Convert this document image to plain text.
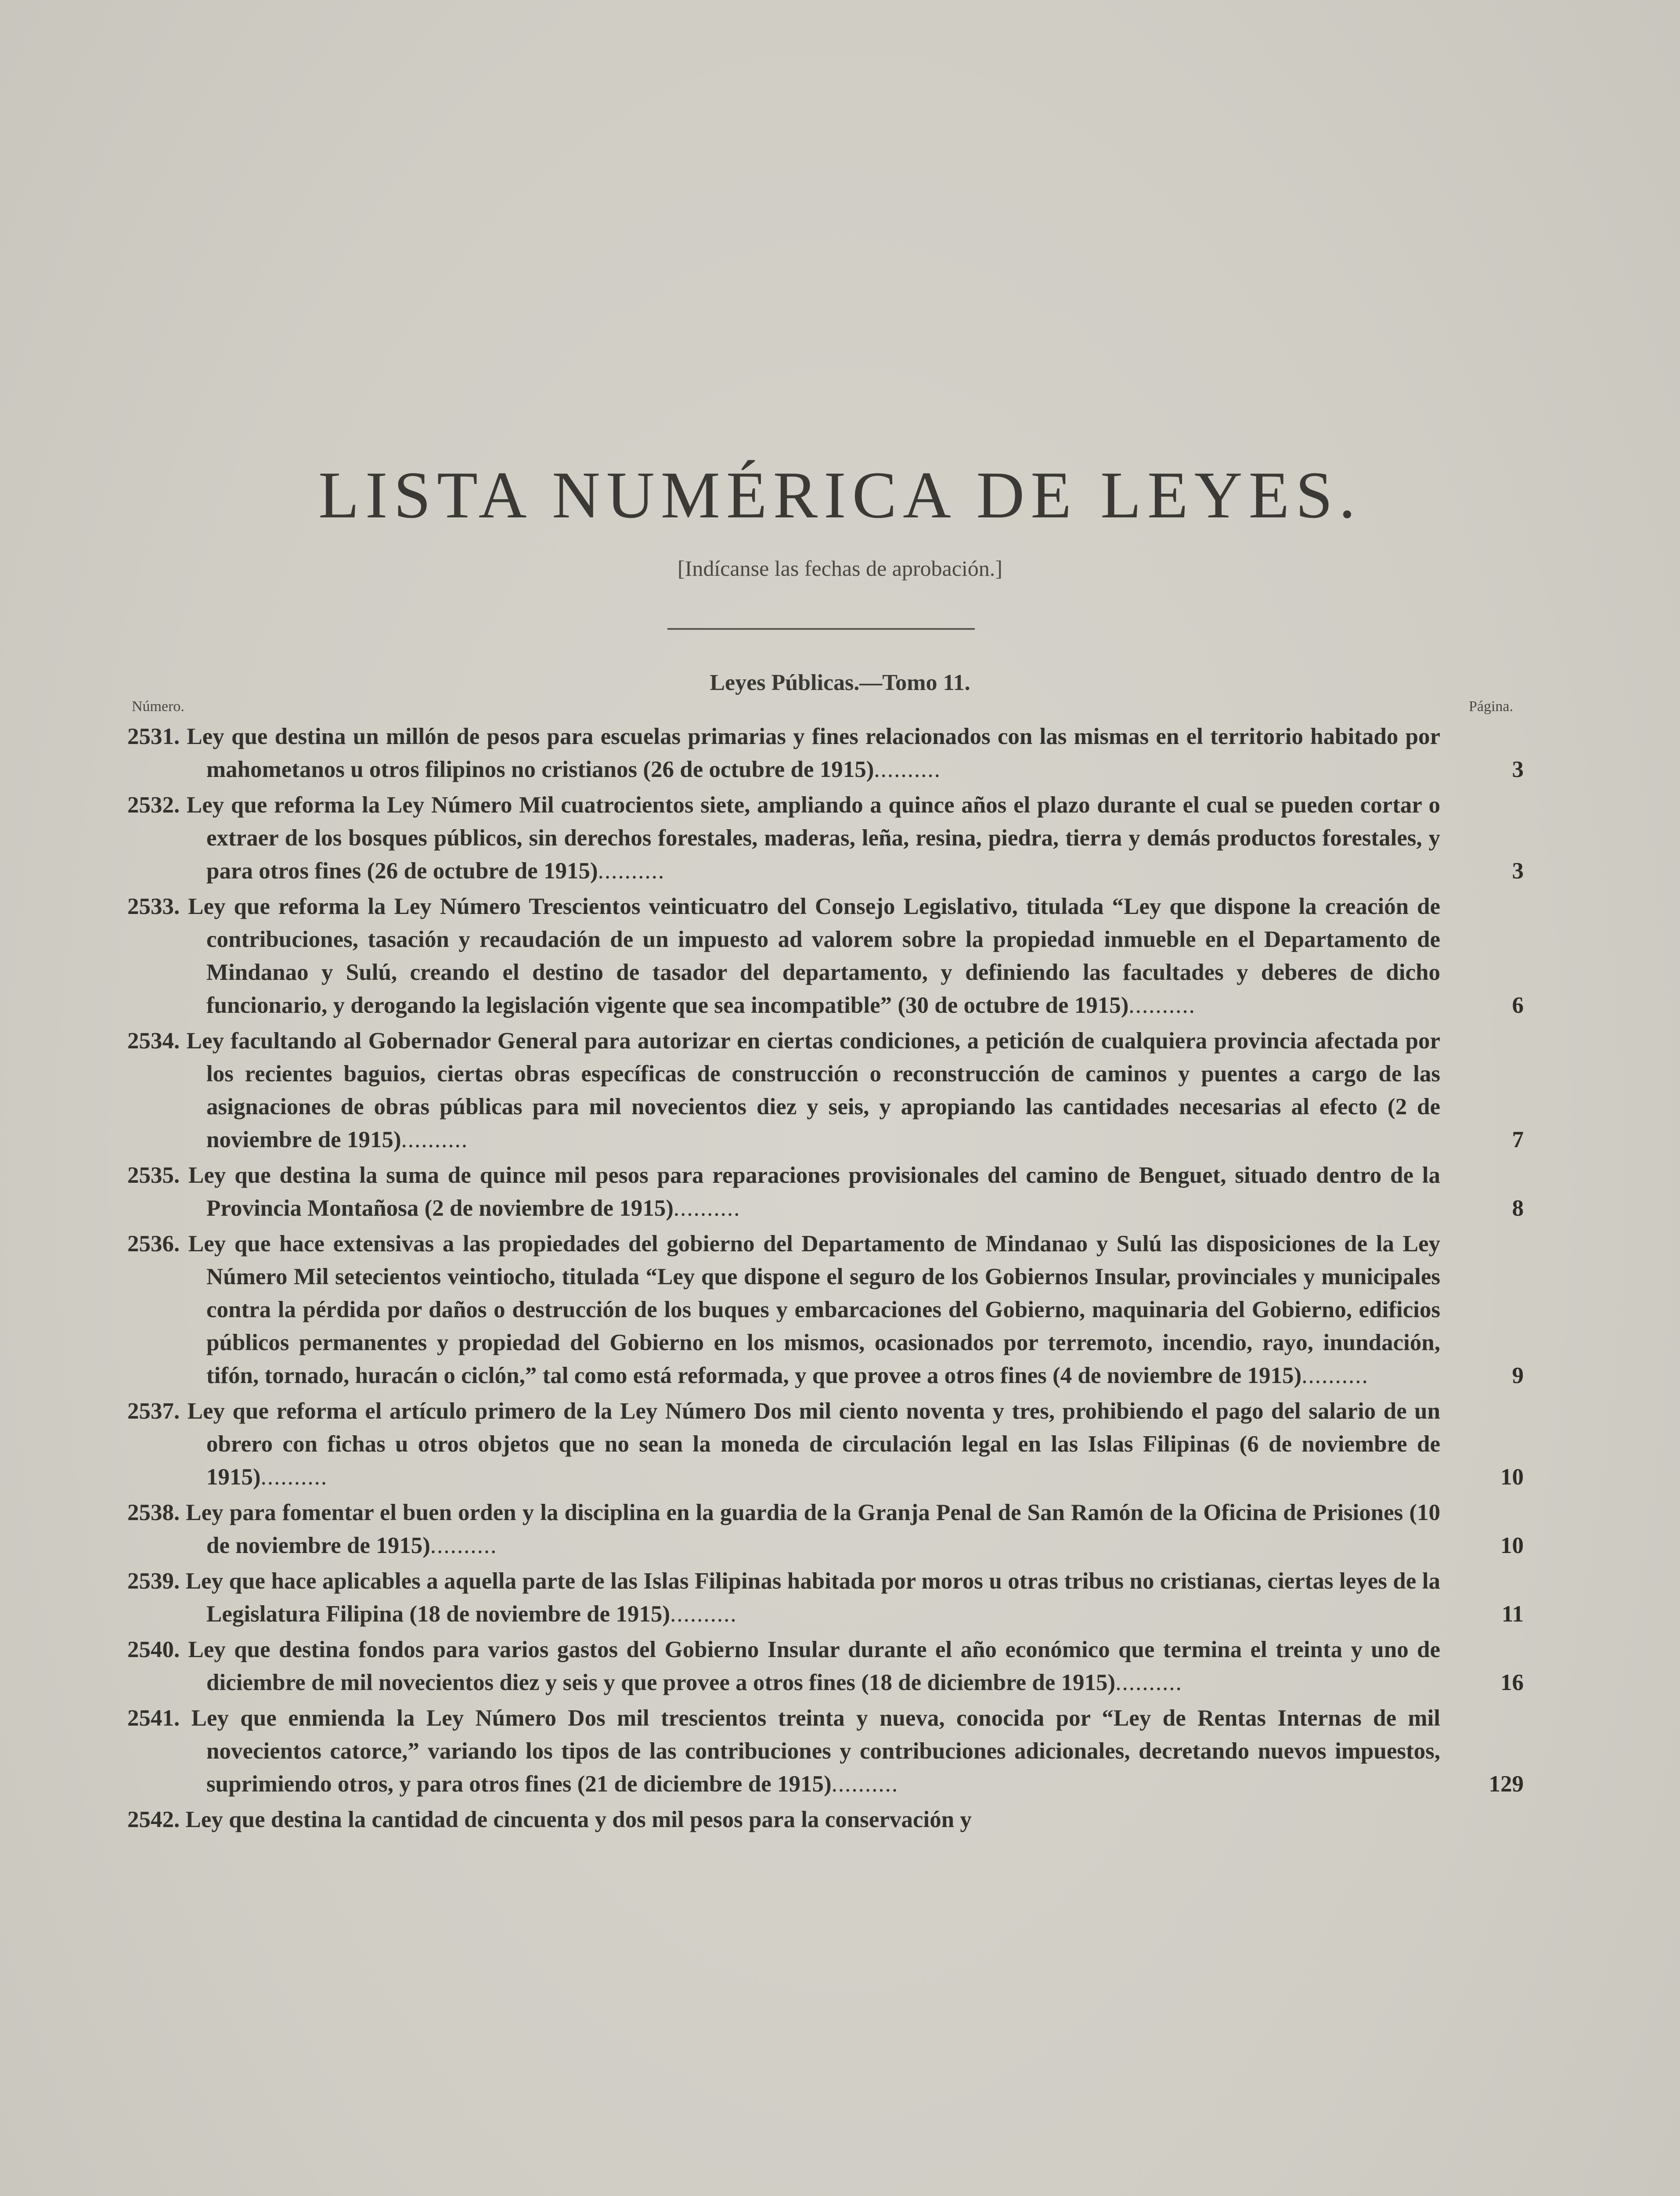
LISTA NUMÉRICA DE LEYES.
[Indícanse las fechas de aprobación.]
Leyes Públicas.—Tomo 11.
Número.	Página.

2531. Ley que destina un millón de pesos para escuelas primarias y fines relacionados con las mismas en el territorio habitado por mahometanos u otros filipinos no cristianos (26 de octubre de 1915)..........	3

2532. Ley que reforma la Ley Número Mil cuatrocientos siete, ampliando a quince años el plazo durante el cual se pueden cortar o extraer de los bosques públicos, sin derechos forestales, maderas, leña, resina, piedra, tierra y demás productos forestales, y para otros fines (26 de octubre de 1915)..........	3

2533. Ley que reforma la Ley Número Trescientos veinticuatro del Consejo Legislativo, titulada “Ley que dispone la creación de contribuciones, tasación y recaudación de un impuesto ad valorem sobre la propiedad inmueble en el Departamento de Mindanao y Sulú, creando el destino de tasador del departamento, y definiendo las facultades y deberes de dicho funcionario, y derogando la legislación vigente que sea incompatible” (30 de octubre de 1915)..........	6

2534. Ley facultando al Gobernador General para autorizar en ciertas condiciones, a petición de cualquiera provincia afectada por los recientes baguios, ciertas obras específicas de construcción o reconstrucción de caminos y puentes a cargo de las asignaciones de obras públicas para mil novecientos diez y seis, y apropiando las cantidades necesarias al efecto (2 de noviembre de 1915)..........	7

2535. Ley que destina la suma de quince mil pesos para reparaciones provisionales del camino de Benguet, situado dentro de la Provincia Montañosa (2 de noviembre de 1915)..........	8

2536. Ley que hace extensivas a las propiedades del gobierno del Departamento de Mindanao y Sulú las disposiciones de la Ley Número Mil setecientos veintiocho, titulada “Ley que dispone el seguro de los Gobiernos Insular, provinciales y municipales contra la pérdida por daños o destrucción de los buques y embarcaciones del Gobierno, maquinaria del Gobierno, edificios públicos permanentes y propiedad del Gobierno en los mismos, ocasionados por terremoto, incendio, rayo, inundación, tifón, tornado, huracán o ciclón,” tal como está reformada, y que provee a otros fines (4 de noviembre de 1915)..........	9

2537. Ley que reforma el artículo primero de la Ley Número Dos mil ciento noventa y tres, prohibiendo el pago del salario de un obrero con fichas u otros objetos que no sean la moneda de circulación legal en las Islas Filipinas (6 de noviembre de 1915)..........	10

2538. Ley para fomentar el buen orden y la disciplina en la guardia de la Granja Penal de San Ramón de la Oficina de Prisiones (10 de noviembre de 1915)..........	10

2539. Ley que hace aplicables a aquella parte de las Islas Filipinas habitada por moros u otras tribus no cristianas, ciertas leyes de la Legislatura Filipina (18 de noviembre de 1915)..........	11

2540. Ley que destina fondos para varios gastos del Gobierno Insular durante el año económico que termina el treinta y uno de diciembre de mil novecientos diez y seis y que provee a otros fines (18 de diciembre de 1915)..........	16

2541. Ley que enmienda la Ley Número Dos mil trescientos treinta y nueva, conocida por “Ley de Rentas Internas de mil novecientos catorce,” variando los tipos de las contribuciones y contribuciones adicionales, decretando nuevos impuestos, suprimiendo otros, y para otros fines (21 de diciembre de 1915)..........	129

2542. Ley que destina la cantidad de cincuenta y dos mil pesos para la conservación y
